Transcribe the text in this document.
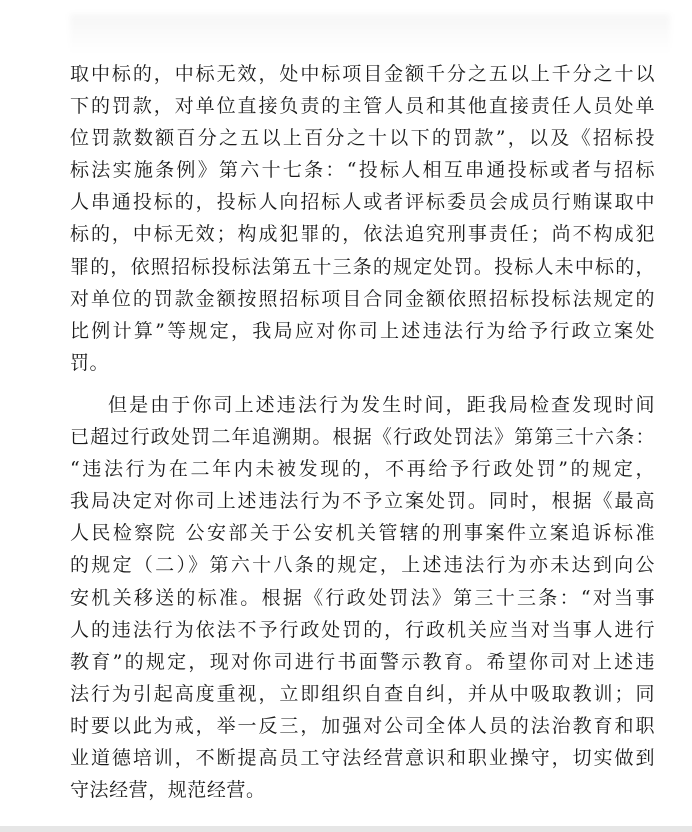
取中标的，中标无效，处中标项目金额千分之五以上千分之十以
下的罚款，对单位直接负责的主管人员和其他直接责任人员处单
位罚款数额百分之五以上百分之十以下的罚款”，以及《招标投
标法实施条例》第六十七条：“投标人相互串通投标或者与招标
人串通投标的，投标人向招标人或者评标委员会成员行贿谋取中
标的，中标无效；构成犯罪的，依法追究刑事责任；尚不构成犯
罪的，依照招标投标法第五十三条的规定处罚。投标人未中标的，
对单位的罚款金额按照招标项目合同金额依照招标投标法规定的
比例计算”等规定，我局应对你司上述违法行为给予行政立案处
罚。
但是由于你司上述违法行为发生时间，距我局检查发现时间
已超过行政处罚二年追溯期。根据《行政处罚法》第第三十六条：
“违法行为在二年内未被发现的，不再给予行政处罚”的规定，
我局决定对你司上述违法行为不予立案处罚。同时，根据《最高
人民检察院 公安部关于公安机关管辖的刑事案件立案追诉标准
的规定（二）》第六十八条的规定，上述违法行为亦未达到向公
安机关移送的标准。根据《行政处罚法》第三十三条：“对当事
人的违法行为依法不予行政处罚的，行政机关应当对当事人进行
教育”的规定，现对你司进行书面警示教育。希望你司对上述违
法行为引起高度重视，立即组织自查自纠，并从中吸取教训；同
时要以此为戒，举一反三，加强对公司全体人员的法治教育和职
业道德培训，不断提高员工守法经营意识和职业操守，切实做到
守法经营，规范经营。
